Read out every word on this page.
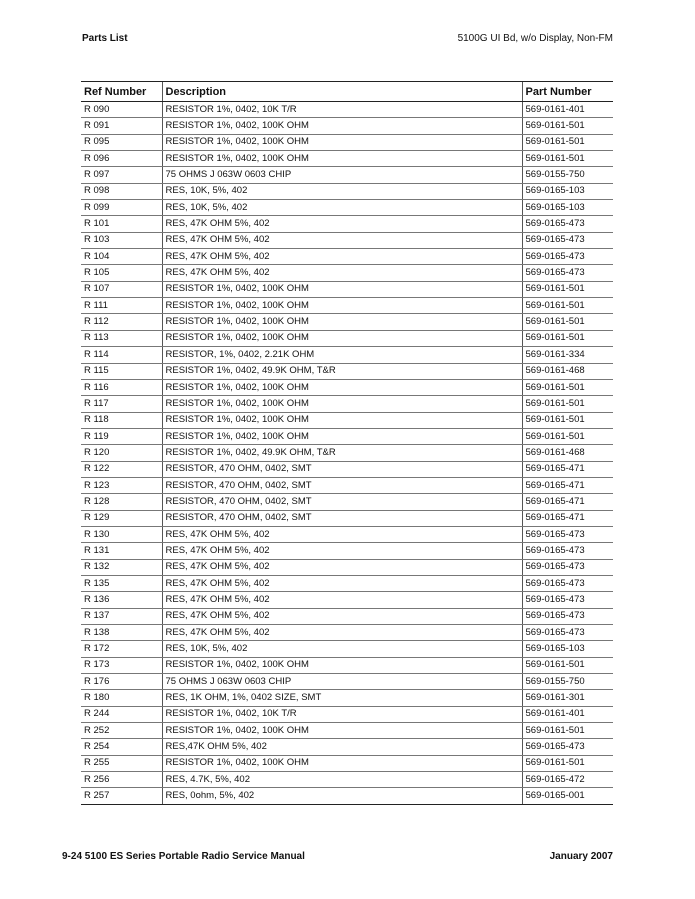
Parts List	5100G UI Bd, w/o Display, Non-FM
Ref Number	Description	Part Number
R 090	RESISTOR 1%, 0402, 10K T/R	569-0161-401
R 091	RESISTOR 1%, 0402, 100K OHM	569-0161-501
R 095	RESISTOR 1%, 0402, 100K OHM	569-0161-501
R 096	RESISTOR 1%, 0402, 100K OHM	569-0161-501
R 097	75 OHMS J 063W 0603 CHIP	569-0155-750
R 098	RES, 10K, 5%, 402	569-0165-103
R 099	RES, 10K, 5%, 402	569-0165-103
R 101	RES, 47K OHM 5%, 402	569-0165-473
R 103	RES, 47K OHM 5%, 402	569-0165-473
R 104	RES, 47K OHM 5%, 402	569-0165-473
R 105	RES, 47K OHM 5%, 402	569-0165-473
R 107	RESISTOR 1%, 0402, 100K OHM	569-0161-501
R 111	RESISTOR 1%, 0402, 100K OHM	569-0161-501
R 112	RESISTOR 1%, 0402, 100K OHM	569-0161-501
R 113	RESISTOR 1%, 0402, 100K OHM	569-0161-501
R 114	RESISTOR, 1%, 0402, 2.21K OHM	569-0161-334
R 115	RESISTOR 1%, 0402, 49.9K OHM, T&R	569-0161-468
R 116	RESISTOR 1%, 0402, 100K OHM	569-0161-501
R 117	RESISTOR 1%, 0402, 100K OHM	569-0161-501
R 118	RESISTOR 1%, 0402, 100K OHM	569-0161-501
R 119	RESISTOR 1%, 0402, 100K OHM	569-0161-501
R 120	RESISTOR 1%, 0402, 49.9K OHM, T&R	569-0161-468
R 122	RESISTOR, 470 OHM, 0402, SMT	569-0165-471
R 123	RESISTOR, 470 OHM, 0402, SMT	569-0165-471
R 128	RESISTOR, 470 OHM, 0402, SMT	569-0165-471
R 129	RESISTOR, 470 OHM, 0402, SMT	569-0165-471
R 130	RES, 47K OHM 5%, 402	569-0165-473
R 131	RES, 47K OHM 5%, 402	569-0165-473
R 132	RES, 47K OHM 5%, 402	569-0165-473
R 135	RES, 47K OHM 5%, 402	569-0165-473
R 136	RES, 47K OHM 5%, 402	569-0165-473
R 137	RES, 47K OHM 5%, 402	569-0165-473
R 138	RES, 47K OHM 5%, 402	569-0165-473
R 172	RES, 10K, 5%, 402	569-0165-103
R 173	RESISTOR 1%, 0402, 100K OHM	569-0161-501
R 176	75 OHMS J 063W 0603 CHIP	569-0155-750
R 180	RES, 1K OHM, 1%, 0402 SIZE, SMT	569-0161-301
R 244	RESISTOR 1%, 0402, 10K T/R	569-0161-401
R 252	RESISTOR 1%, 0402, 100K OHM	569-0161-501
R 254	RES,47K OHM 5%, 402	569-0165-473
R 255	RESISTOR 1%, 0402, 100K OHM	569-0161-501
R 256	RES, 4.7K, 5%, 402	569-0165-472
R 257	RES, 0ohm, 5%, 402	569-0165-001
9-24 5100 ES Series Portable Radio Service Manual	January 2007
